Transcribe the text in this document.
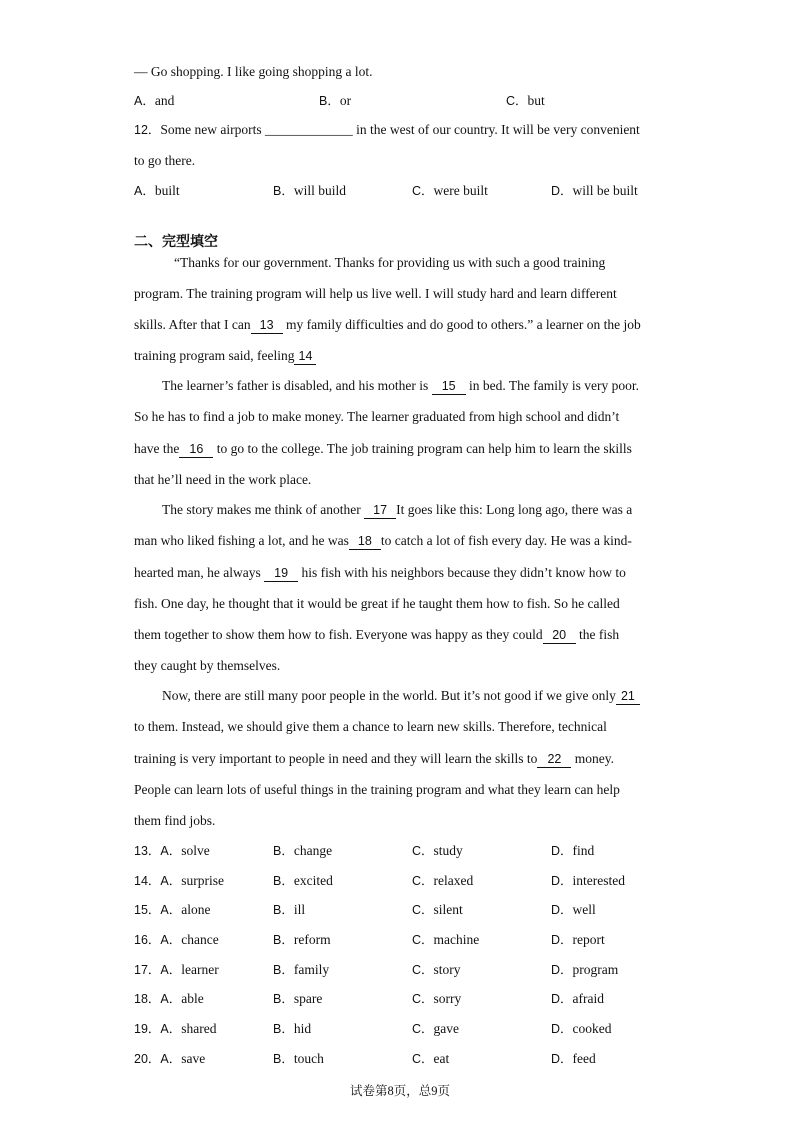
— Go shopping. I like going shopping a lot.
A．and	B．or	C．but
12．Some new airports _____________ in the west of our country. It will be very convenient
to go there.
A．built	B．will build	C．were built	D．will be built
二、完型填空
“Thanks for our government. Thanks for providing us with such a good training
program. The training program will help us live well. I will study hard and learn different
skills. After that I can 13 my family difficulties and do good to others.” a learner on the job
training program said, feeling 14
The learner’s father is disabled, and his mother is 15 in bed. The family is very poor.
So he has to find a job to make money. The learner graduated from high school and didn’t
have the 16 to go to the college. The job training program can help him to learn the skills
that he’ll need in the work place.
The story makes me think of another 17 It goes like this: Long long ago, there was a
man who liked fishing a lot, and he was 18 to catch a lot of fish every day. He was a kind-
hearted man, he always 19 his fish with his neighbors because they didn’t know how to
fish. One day, he thought that it would be great if he taught them how to fish. So he called
them together to show them how to fish. Everyone was happy as they could 20 the fish
they caught by themselves.
Now, there are still many poor people in the world. But it’s not good if we give only 21
to them. Instead, we should give them a chance to learn new skills. Therefore, technical
training is very important to people in need and they will learn the skills to 22 money.
People can learn lots of useful things in the training program and what they learn can help
them find jobs.
13．A．solve	B．change	C．study	D．find
14．A．surprise	B．excited	C．relaxed	D．interested
15．A．alone	B．ill	C．silent	D．well
16．A．chance	B．reform	C．machine	D．report
17．A．learner	B．family	C．story	D．program
18．A．able	B．spare	C．sorry	D．afraid
19．A．shared	B．hid	C．gave	D．cooked
20．A．save	B．touch	C．eat	D．feed
试卷第8页，总9页
